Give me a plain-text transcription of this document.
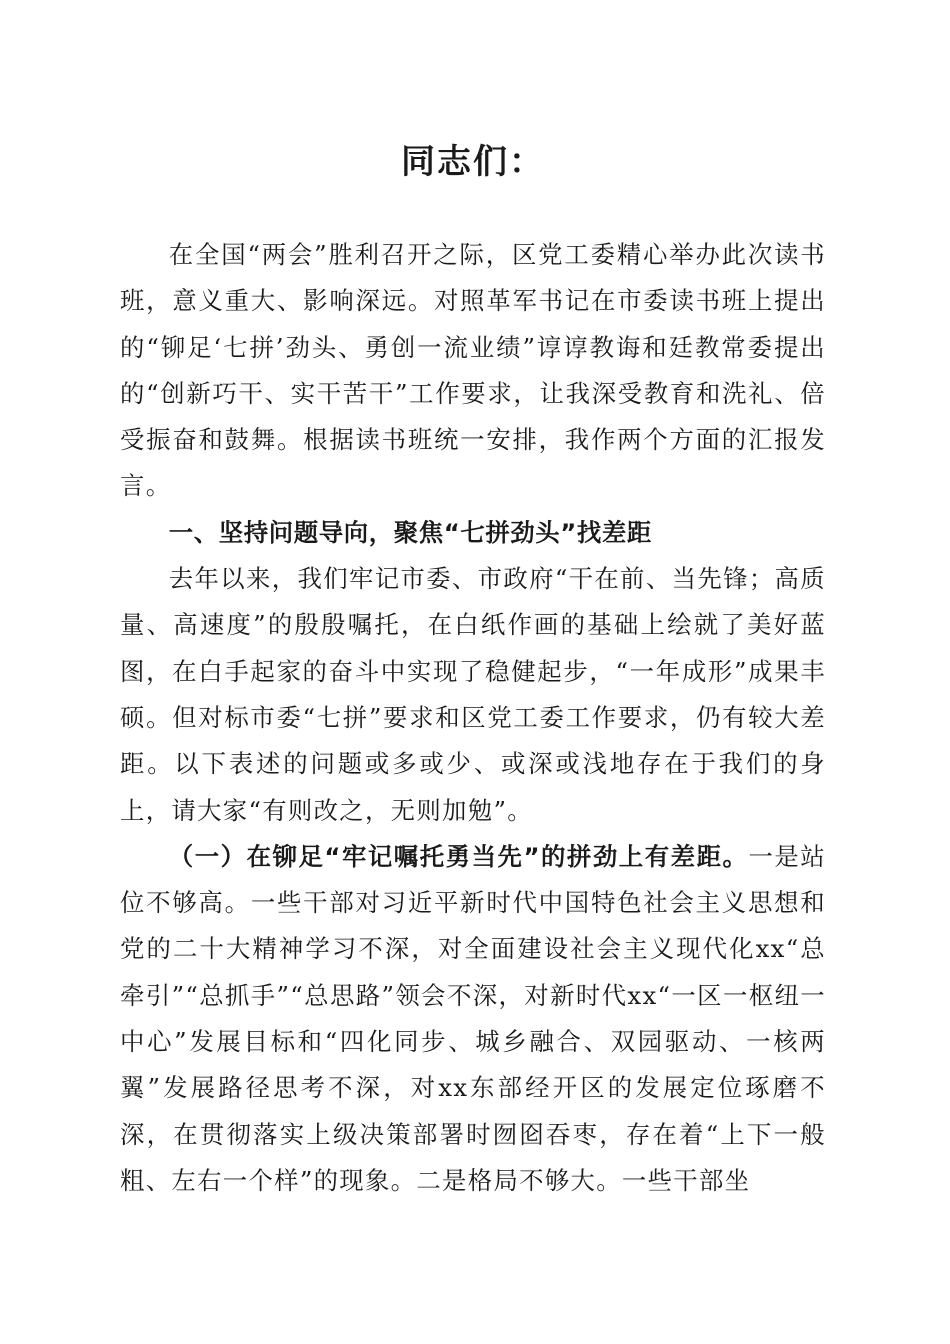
同志们：

在全国“两会”胜利召开之际，区党工委精心举办此次读书班，意义重大、影响深远。对照革军书记在市委读书班上提出的“铆足‘七拼’劲头、勇创一流业绩”谆谆教诲和廷教常委提出的“创新巧干、实干苦干”工作要求，让我深受教育和洗礼、倍受振奋和鼓舞。根据读书班统一安排，我作两个方面的汇报发言。

一、坚持问题导向，聚焦“七拼劲头”找差距

去年以来，我们牢记市委、市政府“干在前、当先锋；高质量、高速度”的殷殷嘱托，在白纸作画的基础上绘就了美好蓝图，在白手起家的奋斗中实现了稳健起步，“一年成形”成果丰硕。但对标市委“七拼”要求和区党工委工作要求，仍有较大差距。以下表述的问题或多或少、或深或浅地存在于我们的身上，请大家“有则改之，无则加勉”。

（一）在铆足“牢记嘱托勇当先”的拼劲上有差距。一是站位不够高。一些干部对习近平新时代中国特色社会主义思想和党的二十大精神学习不深，对全面建设社会主义现代化xx“总牵引”“总抓手”“总思路”领会不深，对新时代xx“一区一枢纽一中心”发展目标和“四化同步、城乡融合、双园驱动、一核两翼”发展路径思考不深，对xx东部经开区的发展定位琢磨不深，在贯彻落实上级决策部署时囫囵吞枣，存在着“上下一般粗、左右一个样”的现象。二是格局不够大。一些干部坐
